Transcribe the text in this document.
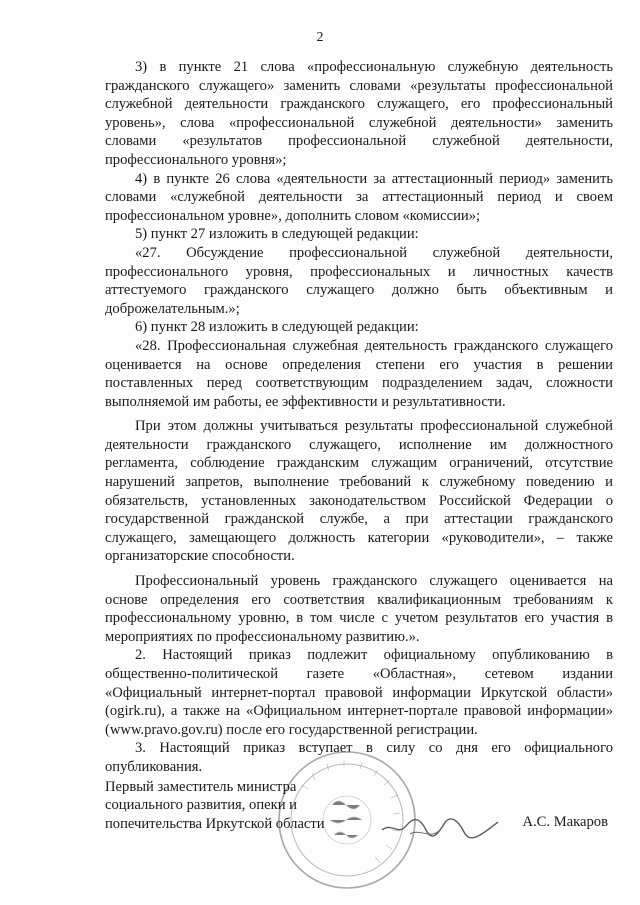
2

3) в пункте 21 слова «профессиональную служебную деятельность гражданского служащего» заменить словами «результаты профессиональной служебной деятельности гражданского служащего, его профессиональный уровень», слова «профессиональной служебной деятельности» заменить словами «результатов профессиональной служебной деятельности, профессионального уровня»;

4) в пункте 26 слова «деятельности за аттестационный период» заменить словами «служебной деятельности за аттестационный период и своем профессиональном уровне», дополнить словом «комиссии»;

5) пункт 27 изложить в следующей редакции:

«27. Обсуждение профессиональной служебной деятельности, профессионального уровня, профессиональных и личностных качеств аттестуемого гражданского служащего должно быть объективным и доброжелательным.»;

6) пункт 28 изложить в следующей редакции:

«28. Профессиональная служебная деятельность гражданского служащего оценивается на основе определения степени его участия в решении поставленных перед соответствующим подразделением задач, сложности выполняемой им работы, ее эффективности и результативности.

При этом должны учитываться результаты профессиональной служебной деятельности гражданского служащего, исполнение им должностного регламента, соблюдение гражданским служащим ограничений, отсутствие нарушений запретов, выполнение требований к служебному поведению и обязательств, установленных законодательством Российской Федерации о государственной гражданской службе, а при аттестации гражданского служащего, замещающего должность категории «руководители», – также организаторские способности.

Профессиональный уровень гражданского служащего оценивается на основе определения его соответствия квалификационным требованиям к профессиональному уровню, в том числе с учетом результатов его участия в мероприятиях по профессиональному развитию.».

2. Настоящий приказ подлежит официальному опубликованию в общественно-политической газете «Областная», сетевом издании «Официальный интернет-портал правовой информации Иркутской области» (ogirk.ru), а также на «Официальном интернет-портале правовой информации» (www.pravo.gov.ru) после его государственной регистрации.

3. Настоящий приказ вступает в силу со дня его официального опубликования.

Первый заместитель министра
социального развития, опеки и
попечительства Иркутской области	А.С. Макаров
